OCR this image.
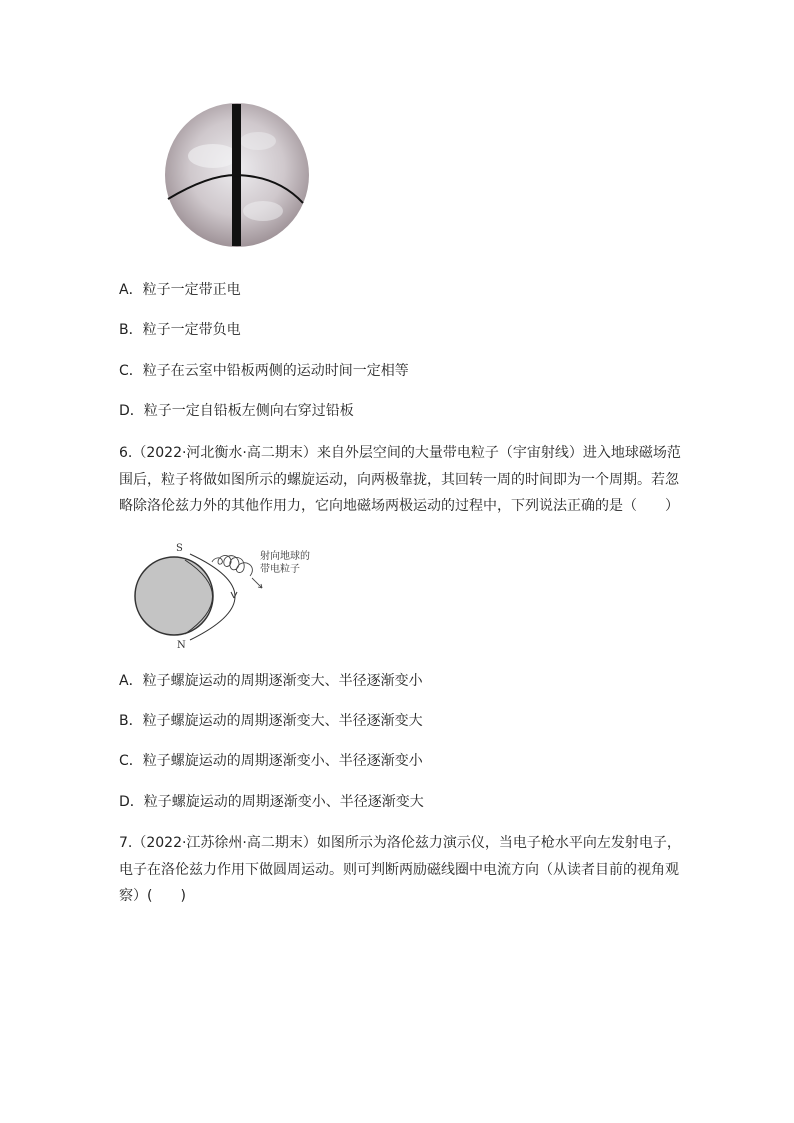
A．粒子一定带正电
B．粒子一定带负电
C．粒子在云室中铅板两侧的运动时间一定相等
D．粒子一定自铅板左侧向右穿过铅板
6.（2022·河北衡水·高二期末）来自外层空间的大量带电粒子（宇宙射线）进入地球磁场范
围后，粒子将做如图所示的螺旋运动，向两极靠拢，其回转一周的时间即为一个周期。若忽
略除洛伦兹力外的其他作用力，它向地磁场两极运动的过程中，下列说法正确的是（　　）
S
N
射向地球的
带电粒子
A．粒子螺旋运动的周期逐渐变大、半径逐渐变小
B．粒子螺旋运动的周期逐渐变大、半径逐渐变大
C．粒子螺旋运动的周期逐渐变小、半径逐渐变小
D．粒子螺旋运动的周期逐渐变小、半径逐渐变大
7.（2022·江苏徐州·高二期末）如图所示为洛伦兹力演示仪，当电子枪水平向左发射电子，
电子在洛伦兹力作用下做圆周运动。则可判断两励磁线圈中电流方向（从读者目前的视角观
察）(　　)
